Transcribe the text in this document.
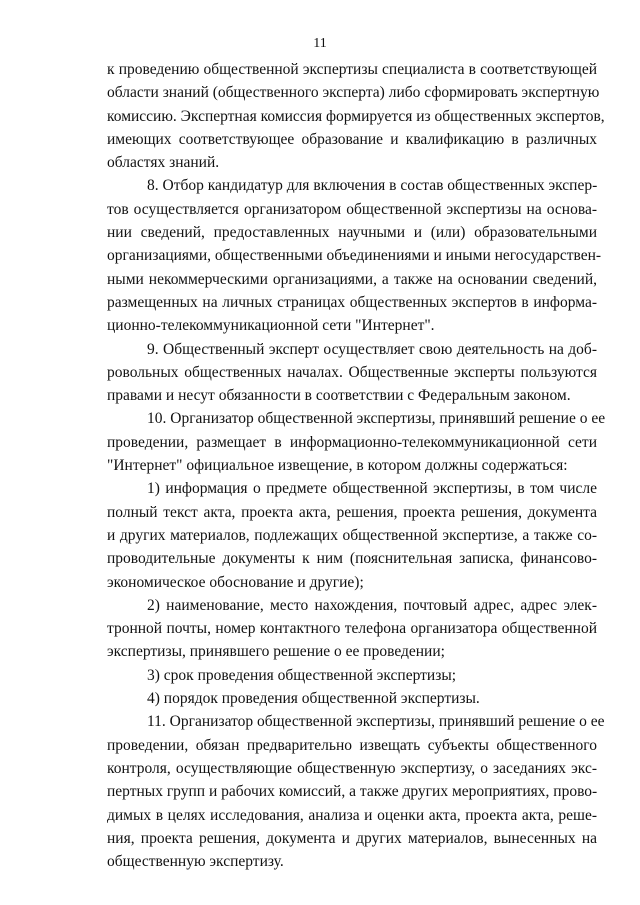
11
к проведению общественной экспертизы специалиста в соответствующей
области знаний (общественного эксперта) либо сформировать экспертную
комиссию. Экспертная комиссия формируется из общественных экспертов,
имеющих соответствующее образование и квалификацию в различных
областях знаний.
8. Отбор кандидатур для включения в состав общественных экспер-
тов осуществляется организатором общественной экспертизы на основа-
нии сведений, предоставленных научными и (или) образовательными
организациями, общественными объединениями и иными негосударствен-
ными некоммерческими организациями, а также на основании сведений,
размещенных на личных страницах общественных экспертов в информа-
ционно-телекоммуникационной сети "Интернет".
9. Общественный эксперт осуществляет свою деятельность на доб-
ровольных общественных началах. Общественные эксперты пользуются
правами и несут обязанности в соответствии с Федеральным законом.
10. Организатор общественной экспертизы, принявший решение о ее
проведении, размещает в информационно-телекоммуникационной сети
"Интернет" официальное извещение, в котором должны содержаться:
1) информация о предмете общественной экспертизы, в том числе
полный текст акта, проекта акта, решения, проекта решения, документа
и других материалов, подлежащих общественной экспертизе, а также со-
проводительные документы к ним (пояснительная записка, финансово-
экономическое обоснование и другие);
2) наименование, место нахождения, почтовый адрес, адрес элек-
тронной почты, номер контактного телефона организатора общественной
экспертизы, принявшего решение о ее проведении;
3) срок проведения общественной экспертизы;
4) порядок проведения общественной экспертизы.
11. Организатор общественной экспертизы, принявший решение о ее
проведении, обязан предварительно извещать субъекты общественного
контроля, осуществляющие общественную экспертизу, о заседаниях экс-
пертных групп и рабочих комиссий, а также других мероприятиях, прово-
димых в целях исследования, анализа и оценки акта, проекта акта, реше-
ния, проекта решения, документа и других материалов, вынесенных на
общественную экспертизу.
